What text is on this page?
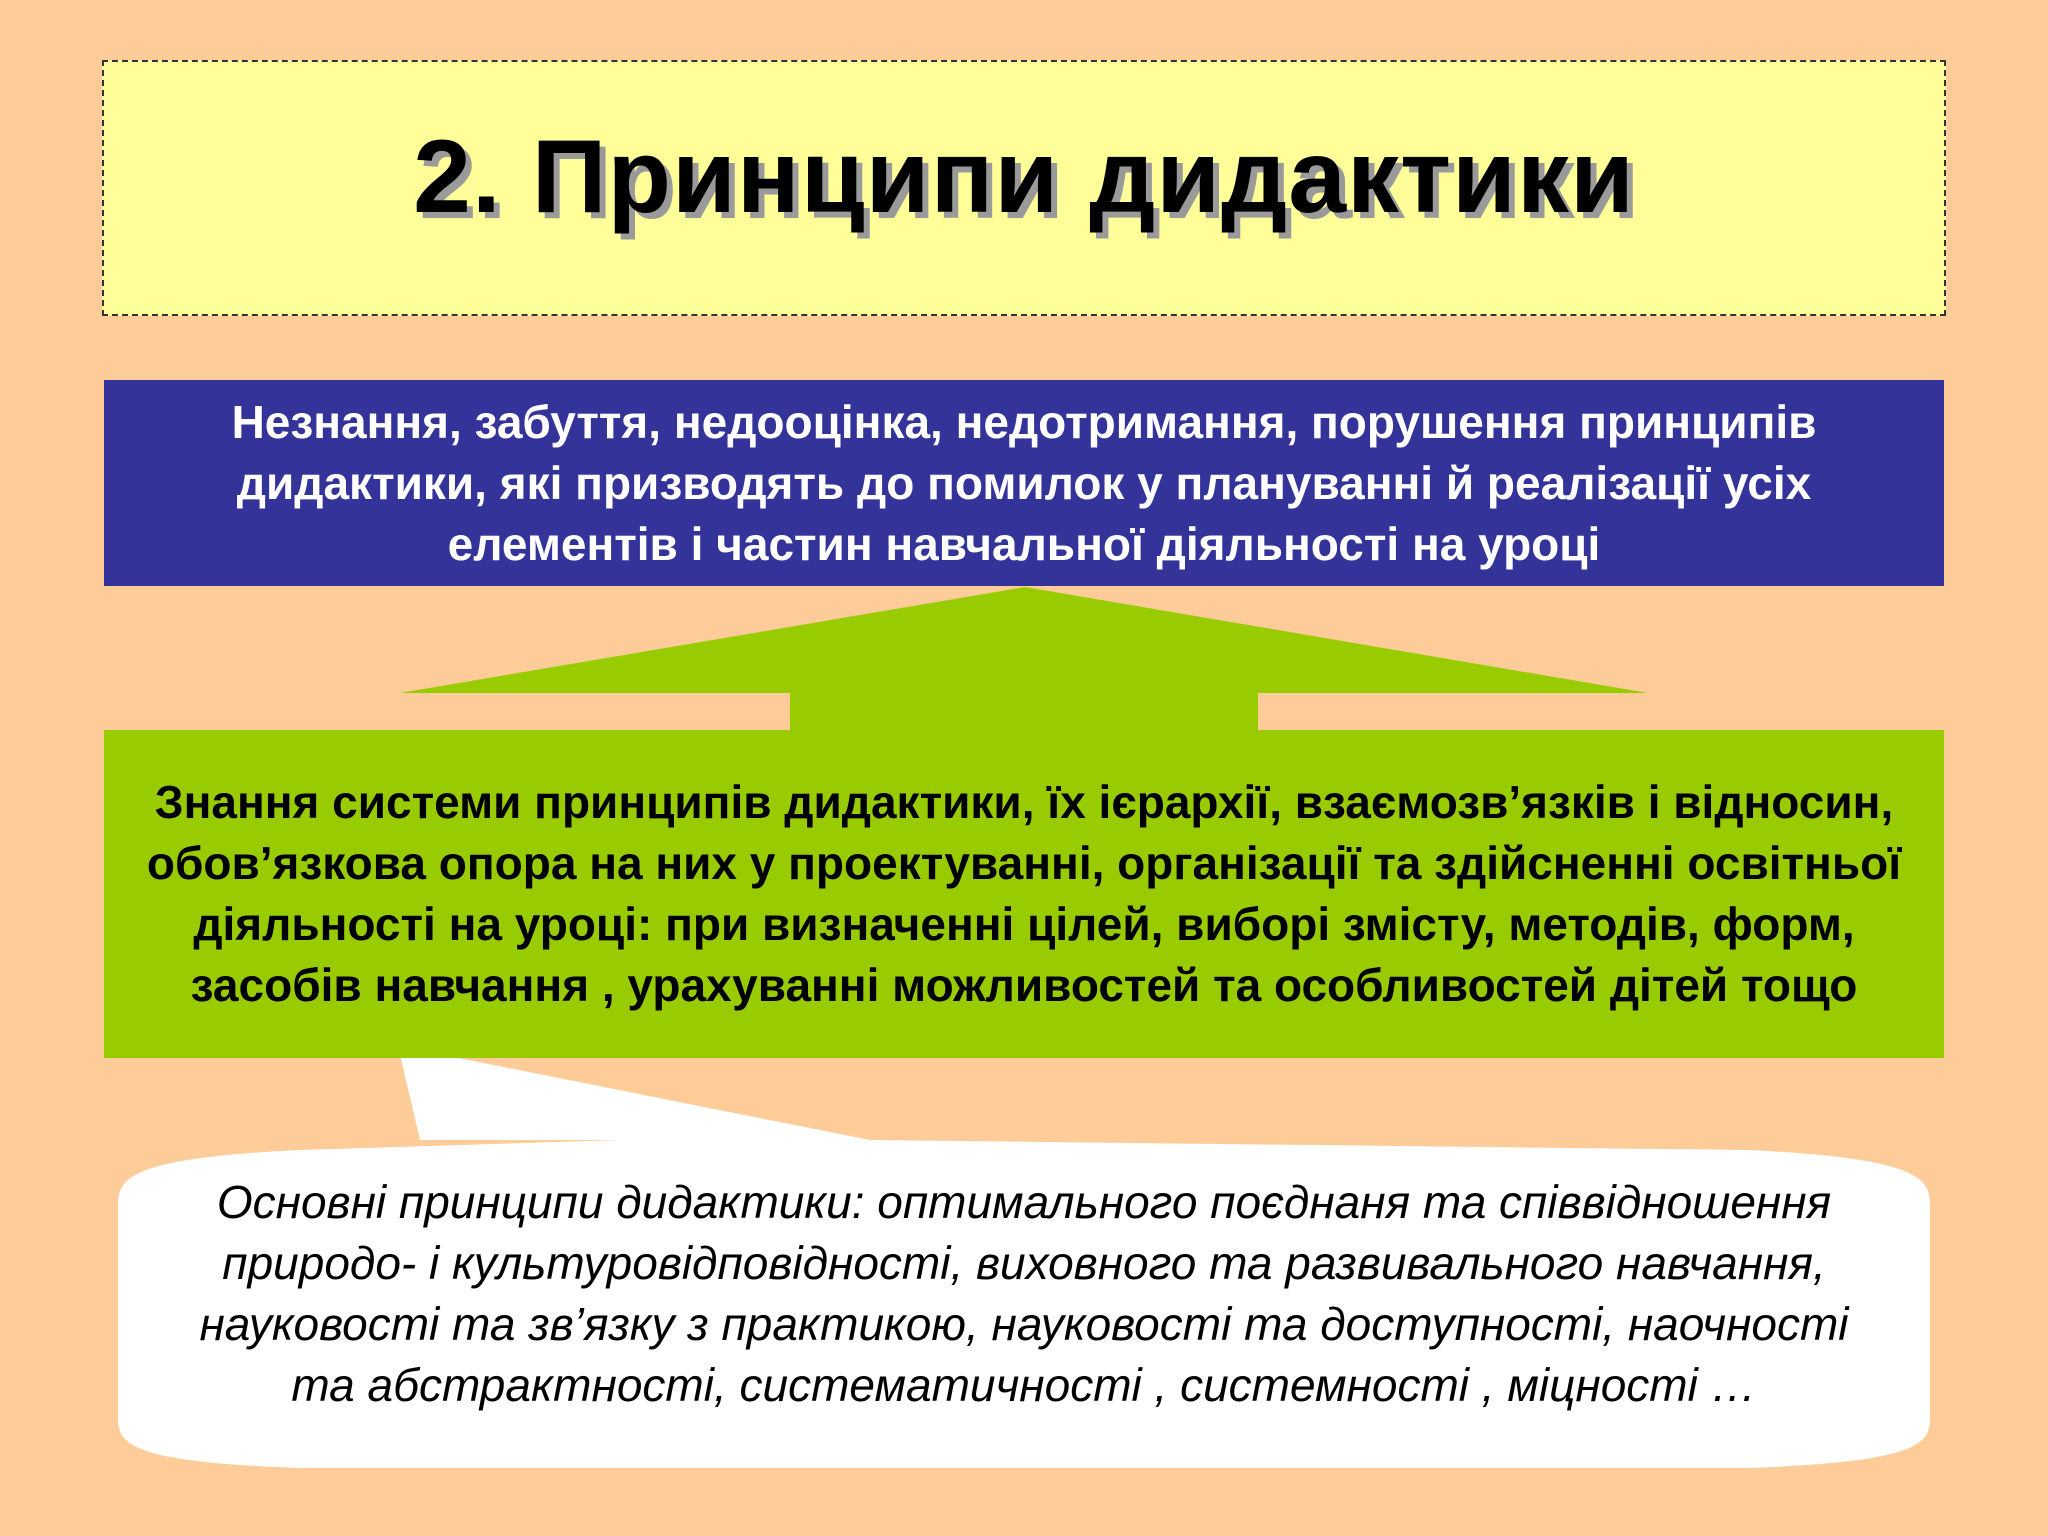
2. Принципи дидактики
Незнання, забуття, недооцінка, недотримання, порушення принципів дидактики, які призводять до помилок у плануванні й реалізації усіх елементів і частин навчальної діяльності на уроці
Знання системи принципів дидактики, їх ієрархії, взаємозв’язків і відносин, обов’язкова опора на них у проектуванні, організації та здійсненні освітньої діяльності на уроці: при визначенні цілей, виборі змісту, методів, форм, засобів навчання , урахуванні можливостей та особливостей дітей тощо
Основні принципи дидактики: оптимального поєднаня та співвідношення природо- і культуровідповідності, виховного та развивального навчання, науковості та зв’язку з практикою, науковості та доступності, наочності та абстрактності, систематичності , системності , міцності …
